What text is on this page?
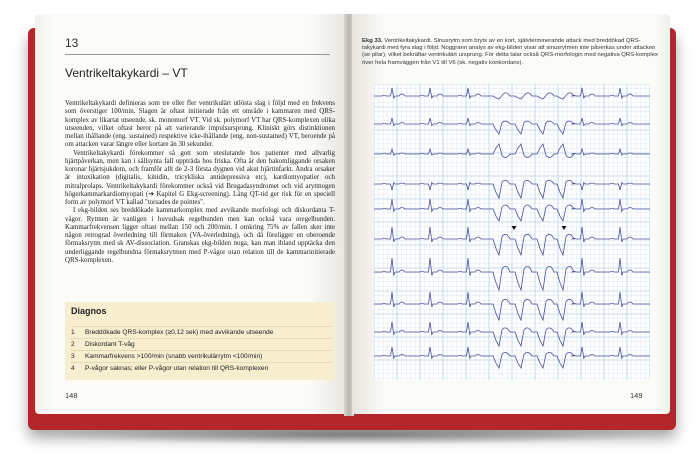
13
Ventrikeltakykardi – VT

Ventrikeltakykardi definieras som tre eller fler ventrikulärt utlösta slag i följd med en frekvens som överstiger 100/min. Slagen är oftast initierade från ett område i kammaren med QRS-komplex av likartat utseende, sk. monomorf VT. Vid sk. polymorf VT har QRS-komplexen olika utseenden, vilket oftast beror på att varierande impulsursprung. Kliniskt görs distinktionen mellan ihållande (eng. sustained) respektive icke-ihållande (eng. non-sustained) VT, beroende på om attacken varar längre eller kortare än 30 sekunder.

Ventrikeltakykardi förekommer så gott som uteslutande hos patienter med allvarlig hjärtpåverkan, men kan i sällsynta fall uppträda hos friska. Ofta är den bakomliggande orsaken koronar hjärtsjukdom, och framför allt de 2-3 första dygnen vid akut hjärtinfarkt. Andra orsaker är intoxikation (digitalis, kinidin, tricykliska antidepressiva etc), kardiomyopatier och mitralprolaps. Ventrikeltakykardi förekommer också vid Brugadasyndromet och vid arytmogen högerkammarkardiomyopati (➔ Kapitel G Ekg-screening). Lång QT-tid ger risk för en speciell form av polymorf VT kallad "torsades de pointes".

I ekg-bilden ses breddökade kammarkomplex med avvikande morfologi och diskordanta T-vågor. Rytmen är vanligen i huvudsak regelbunden men kan också vara oregelbunden. Kammarfrekvensen ligger oftast mellan 150 och 200/min. I omkring 75% av fallen sker inte någon retrograd överledning till förmaken (VA-överledning), och då föreligger en oberoende förmaksrytm med sk AV-dissociation. Granskas ekg-bilden noga, kan man ibland upptäcka den underliggande regelbundna förmaksrytmen med P-vågor utan relation till de kammarinitierade QRS-komplexen.

Diagnos
1	Breddökade QRS-komplex (≥0,12 sek) med avvikande utseende
2	Diskordant T-våg
3	Kammarfrekvens >100/min (snabb ventrikulärrytm <100/min)
4	P-vågor saknas; eller P-vågor utan relation till QRS-komplexen
148
Ekg 33. Ventrikeltakykardi. Sinusrytm som bryts av en kort, självterminerande attack med breddökad QRS-takykardi med fyra slag i följd. Noggrann analys av ekg-bilden visar att sinusrytmen inte påverkas under attacken (se pilar), vilket bekräftar ventrikulärt ursprung. För detta talar också QRS-morfologin med negativa QRS-komplex över hela framväggen från V1 till V6 (sk. negativ konkordans).
149
